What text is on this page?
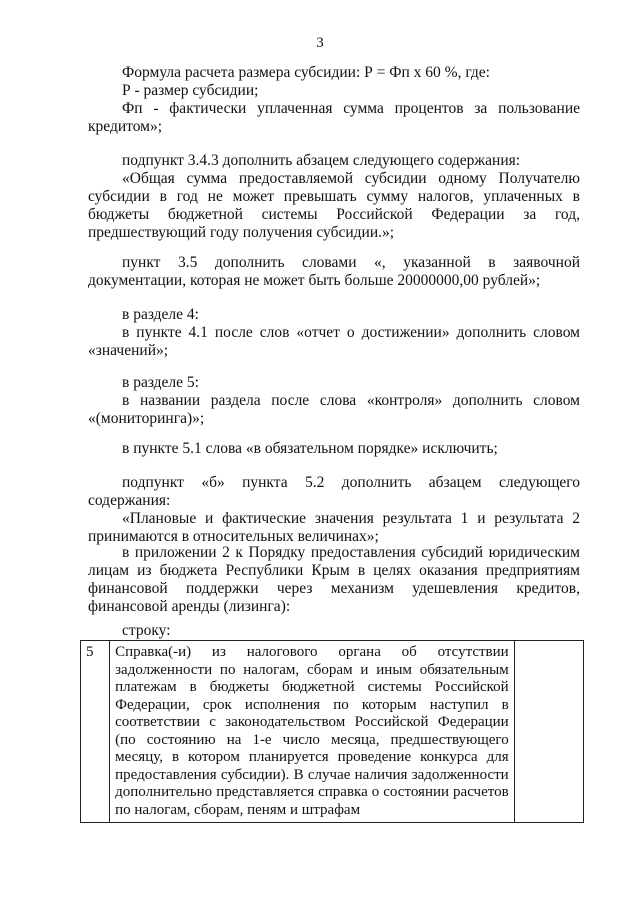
3

Формула расчета размера субсидии: Р = Фп х 60 %, где:

Р - размер субсидии;

Фп - фактически уплаченная сумма процентов за пользование кредитом»;

подпункт 3.4.3 дополнить абзацем следующего содержания:

«Общая сумма предоставляемой субсидии одному Получателю субсидии в год не может превышать сумму налогов, уплаченных в бюджеты бюджетной системы Российской Федерации за год, предшествующий году получения субсидии.»;

пункт 3.5 дополнить словами «, указанной в заявочной документации, которая не может быть больше 20000000,00 рублей»;

в разделе 4:

в пункте 4.1 после слов «отчет о достижении» дополнить словом «значений»;

в разделе 5:

в названии раздела после слова «контроля» дополнить словом «(мониторинга)»;

в пункте 5.1 слова «в обязательном порядке» исключить;

подпункт «б» пункта 5.2 дополнить абзацем следующего содержания:

«Плановые и фактические значения результата 1 и результата 2 принимаются в относительных величинах»;

в приложении 2 к Порядку предоставления субсидий юридическим лицам из бюджета Республики Крым в целях оказания предприятиям финансовой поддержки через механизм удешевления кредитов, финансовой аренды (лизинга):

строку:

5	Справка(-и) из налогового органа об отсутствии задолженности по налогам, сборам и иным обязательным платежам в бюджеты бюджетной системы Российской Федерации, срок исполнения по которым наступил в соответствии с законодательством Российской Федерации (по состоянию на 1-е число месяца, предшествующего месяцу, в котором планируется проведение конкурса для предоставления субсидии). В случае наличия задолженности дополнительно представляется справка о состоянии расчетов по налогам, сборам, пеням и штрафам	
